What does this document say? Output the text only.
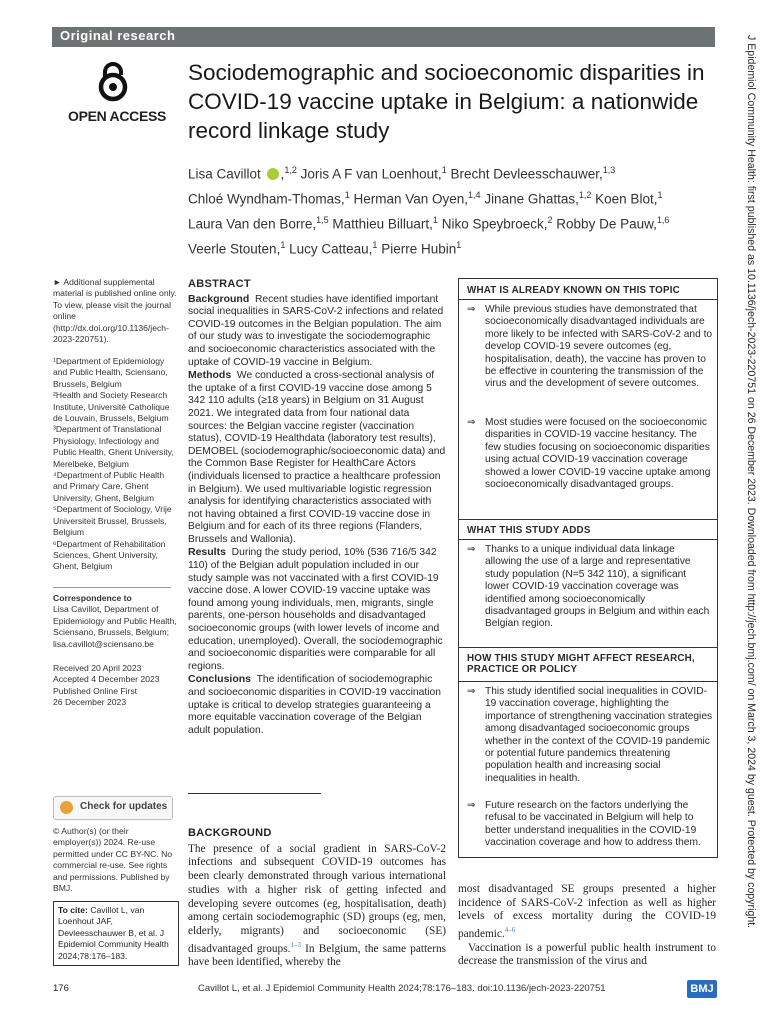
Original research
OPEN ACCESS
Sociodemographic and socioeconomic disparities in COVID-19 vaccine uptake in Belgium: a nationwide record linkage study
Lisa Cavillot ,$^{1,2}$ Joris A F van Loenhout,$^1$ Brecht Devleesschauwer,$^{1,3}$
Chloé Wyndham-Thomas,$^1$ Herman Van Oyen,$^{1,4}$ Jinane Ghattas,$^{1,2}$ Koen Blot,$^1$
Laura Van den Borre,$^{1,5}$ Matthieu Billuart,$^1$ Niko Speybroeck,$^2$ Robby De Pauw,$^{1,6}$
Veerle Stouten,$^1$ Lucy Catteau,$^1$ Pierre Hubin$^1$
► Additional supplemental material is published online only. To view, please visit the journal online (http://dx.doi.org/10.1136/jech-2023-220751).

¹Department of Epidemiology and Public Health, Sciensano, Brussels, Belgium

²Health and Society Research Institute, Université Catholique de Louvain, Brussels, Belgium

³Department of Translational Physiology, Infectiology and Public Health, Ghent University, Merelbeke, Belgium

⁴Department of Public Health and Primary Care, Ghent University, Ghent, Belgium

⁵Department of Sociology, Vrije Universiteit Brussel, Brussels, Belgium

⁶Department of Rehabilitation Sciences, Ghent University, Ghent, Belgium

Correspondence to

Lisa Cavillot, Department of Epidemiology and Public Health, Sciensano, Brussels, Belgium; lisa.cavillot@sciensano.be

Received 20 April 2023

Accepted 4 December 2023

Published Online First

26 December 2023

Check for updates
© Author(s) (or their employer(s)) 2024. Re-use permitted under CC BY-NC. No commercial re-use. See rights and permissions. Published by BMJ.
To cite: Cavillot L, van Loenhout JAF, Devleesschauwer B, et al. J Epidemiol Community Health 2024;78:176–183.

ABSTRACT

Background Recent studies have identified important social inequalities in SARS-CoV-2 infections and related COVID-19 outcomes in the Belgian population. The aim of our study was to investigate the sociodemographic and socioeconomic characteristics associated with the uptake of COVID-19 vaccine in Belgium.

Methods We conducted a cross-sectional analysis of the uptake of a first COVID-19 vaccine dose among 5 342 110 adults (≥18 years) in Belgium on 31 August 2021. We integrated data from four national data sources: the Belgian vaccine register (vaccination status), COVID-19 Healthdata (laboratory test results), DEMOBEL (sociodemographic/socioeconomic data) and the Common Base Register for HealthCare Actors (individuals licensed to practice a healthcare profession in Belgium). We used multivariable logistic regression analysis for identifying characteristics associated with not having obtained a first COVID-19 vaccine dose in Belgium and for each of its three regions (Flanders, Brussels and Wallonia).

Results During the study period, 10% (536 716/5 342 110) of the Belgian adult population included in our study sample was not vaccinated with a first COVID-19 vaccine dose. A lower COVID-19 vaccine uptake was found among young individuals, men, migrants, single parents, one-person households and disadvantaged socioeconomic groups (with lower levels of income and education, unemployed). Overall, the sociodemographic and socioeconomic disparities were comparable for all regions.

Conclusions The identification of sociodemographic and socioeconomic disparities in COVID-19 vaccination uptake is critical to develop strategies guaranteeing a more equitable vaccination coverage of the Belgian adult population.

BACKGROUND
The presence of a social gradient in SARS-CoV-2 infections and subsequent COVID-19 outcomes has been clearly demonstrated through various international studies with a higher risk of getting infected and developing severe outcomes (eg, hospitalisation, death) among certain sociodemographic (SD) groups (eg, men, elderly, migrants) and socioeconomic (SE) disadvantaged groups.$^{1-3}$ In Belgium, the same patterns have been identified, whereby the
WHAT IS ALREADY KNOWN ON THIS TOPIC
⇒ While previous studies have demonstrated that socioeconomically disadvantaged individuals are more likely to be infected with SARS-CoV-2 and to develop COVID-19 severe outcomes (eg, hospitalisation, death), the vaccine has proven to be effective in countering the transmission of the virus and the development of severe outcomes.
⇒ Most studies were focused on the socioeconomic disparities in COVID-19 vaccine hesitancy. The few studies focusing on socioeconomic disparities using actual COVID-19 vaccination coverage showed a lower COVID-19 vaccine uptake among socioeconomically disadvantaged groups.
WHAT THIS STUDY ADDS
⇒ Thanks to a unique individual data linkage allowing the use of a large and representative study population (N=5 342 110), a significant lower COVID-19 vaccination coverage was identified among socioeconomically disadvantaged groups in Belgium and within each Belgian region.
HOW THIS STUDY MIGHT AFFECT RESEARCH,
PRACTICE OR POLICY
⇒ This study identified social inequalities in COVID-19 vaccination coverage, highlighting the importance of strengthening vaccination strategies among disadvantaged socioeconomic groups whether in the context of the COVID-19 pandemic or potential future pandemics threatening population health and increasing social inequalities in health.
⇒ Future research on the factors underlying the refusal to be vaccinated in Belgium will help to better understand inequalities in the COVID-19 vaccination coverage and how to address them.
most disadvantaged SE groups presented a higher incidence of SARS-CoV-2 infection as well as higher levels of excess mortality during the COVID-19 pandemic.$^{4-6}$
Vaccination is a powerful public health instrument to decrease the transmission of the virus and
J Epidemiol Community Health: first published as 10.1136/jech-2023-220751 on 26 December 2023. Downloaded from http://jech.bmj.com/ on March 3, 2024 by guest. Protected by copyright.
176	Cavillot L, et al. J Epidemiol Community Health 2024;78:176–183. doi:10.1136/jech-2023-220751	BMJ
